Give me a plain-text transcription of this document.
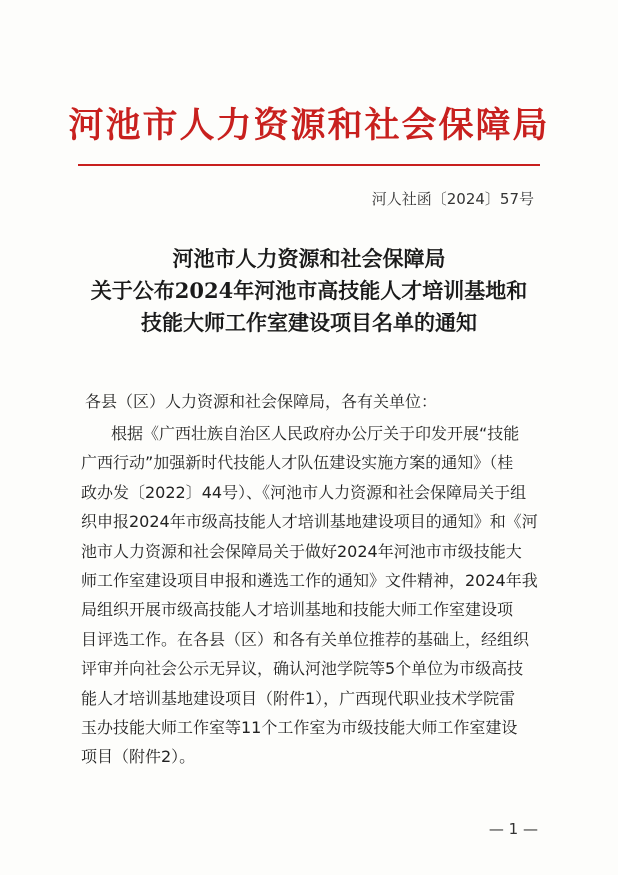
河池市人力资源和社会保障局
河人社函〔2024〕57号
河池市人力资源和社会保障局
关于公布2024年河池市高技能人才培训基地和
技能大师工作室建设项目名单的通知
各县（区）人力资源和社会保障局，各有关单位：
根据《广西壮族自治区人民政府办公厅关于印发开展“技能
广西行动”加强新时代技能人才队伍建设实施方案的通知》（桂
政办发〔2022〕44号）、《河池市人力资源和社会保障局关于组
织申报2024年市级高技能人才培训基地建设项目的通知》和《河
池市人力资源和社会保障局关于做好2024年河池市市级技能大
师工作室建设项目申报和遴选工作的通知》文件精神，2024年我
局组织开展市级高技能人才培训基地和技能大师工作室建设项
目评选工作。在各县（区）和各有关单位推荐的基础上，经组织
评审并向社会公示无异议，确认河池学院等5个单位为市级高技
能人才培训基地建设项目（附件1），广西现代职业技术学院雷
玉办技能大师工作室等11个工作室为市级技能大师工作室建设
项目（附件2）。
— 1 —
